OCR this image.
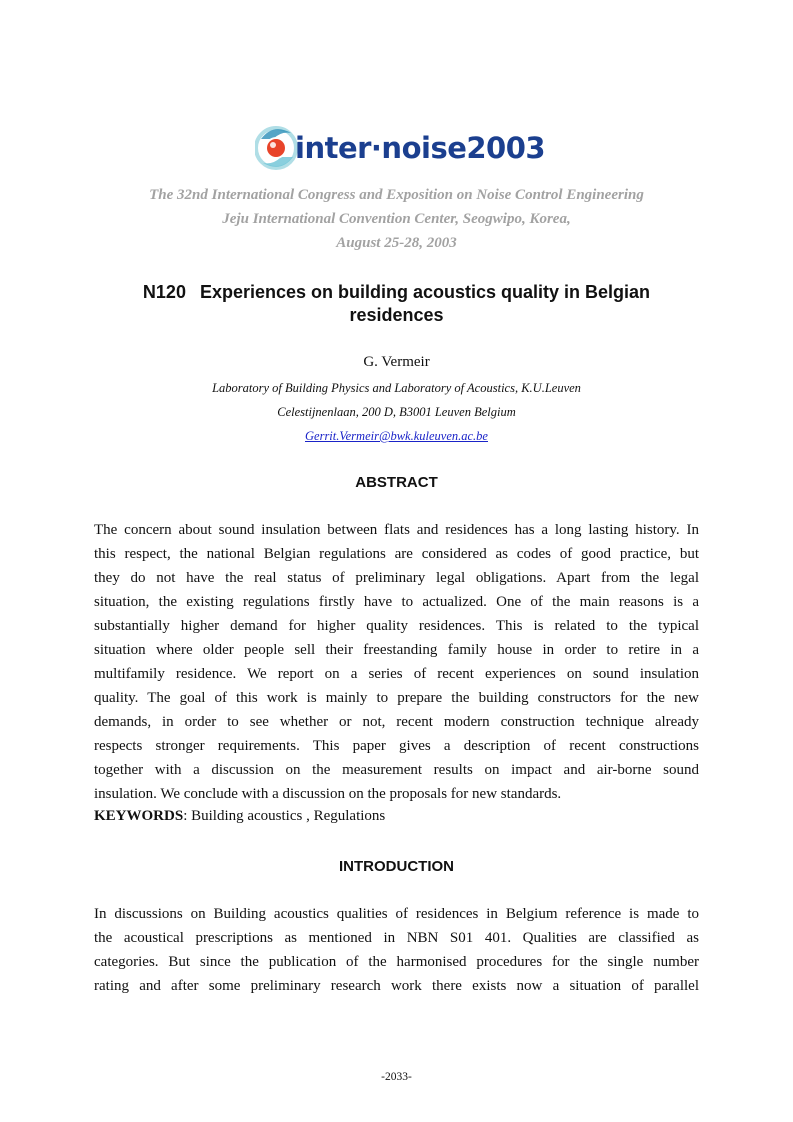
inter·noise2003
The 32nd International Congress and Exposition on Noise Control Engineering
Jeju International Convention Center, Seogwipo, Korea,
August 25-28, 2003
N120 Experiences on building acoustics quality in Belgian
residences
G. Vermeir
Laboratory of Building Physics and Laboratory of Acoustics, K.U.Leuven
Celestijnenlaan, 200 D, B3001 Leuven Belgium
Gerrit.Vermeir@bwk.kuleuven.ac.be
ABSTRACT
The concern about sound insulation between flats and residences has a long lasting history. In
this respect, the national Belgian regulations are considered as codes of good practice, but
they do not have the real status of preliminary legal obligations. Apart from the legal
situation, the existing regulations firstly have to actualized. One of the main reasons is a
substantially higher demand for higher quality residences. This is related to the typical
situation where older people sell their freestanding family house in order to retire in a
multifamily residence. We report on a series of recent experiences on sound insulation
quality. The goal of this work is mainly to prepare the building constructors for the new
demands, in order to see whether or not, recent modern construction technique already
respects stronger requirements. This paper gives a description of recent constructions
together with a discussion on the measurement results on impact and air-borne sound
insulation. We conclude with a discussion on the proposals for new standards.
KEYWORDS: Building acoustics , Regulations
INTRODUCTION
In discussions on Building acoustics qualities of residences in Belgium reference is made to
the acoustical prescriptions as mentioned in NBN S01 401. Qualities are classified as
categories. But since the publication of the harmonised procedures for the single number
rating and after some preliminary research work there exists now a situation of parallel
-2033-
